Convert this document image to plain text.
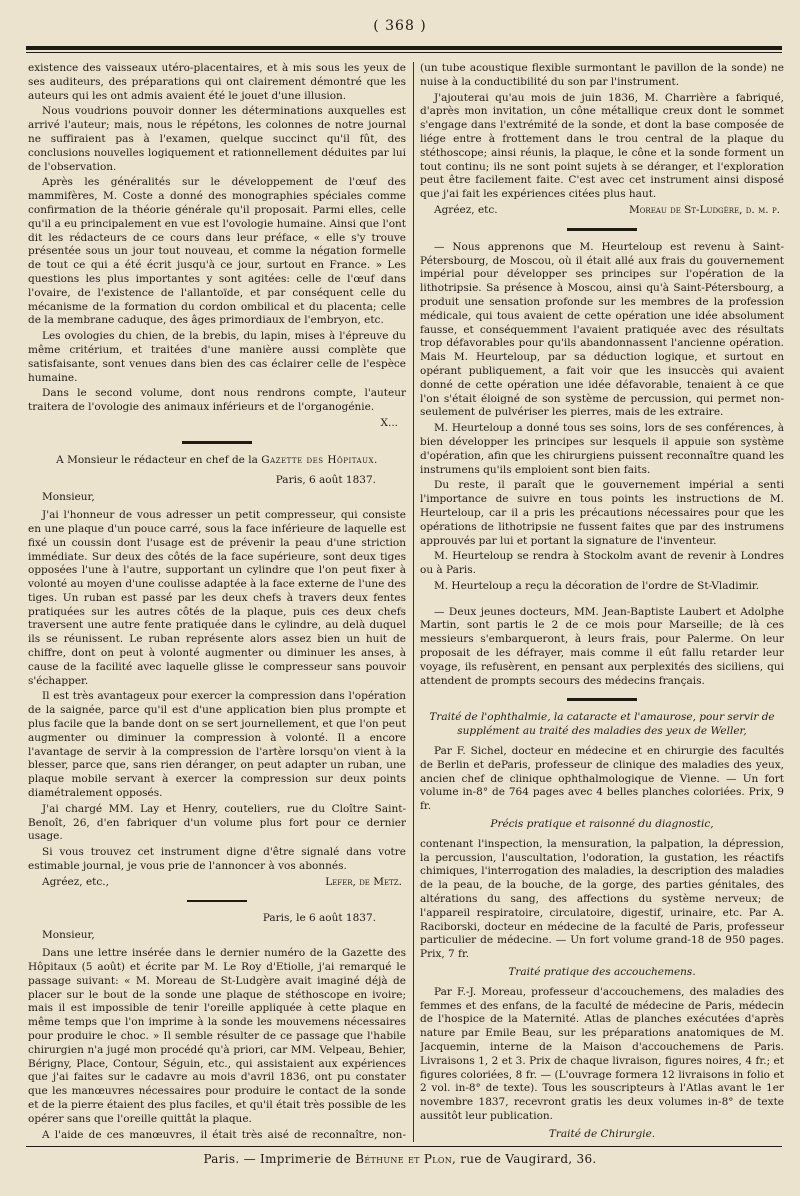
( 368 )

existence des vaisseaux utéro-placentaires, et à mis sous les yeux de ses auditeurs, des préparations qui ont clairement démontré que les auteurs qui les ont admis avaient été le jouet d'une illusion.

Nous voudrions pouvoir donner les déterminations auxquelles est arrivé l'auteur; mais, nous le répétons, les colonnes de notre journal ne suffiraient pas à l'examen, quelque succinct qu'il fût, des conclusions nouvelles logiquement et rationnellement déduites par lui de l'observation.

Après les généralités sur le développement de l'œuf des mammifères, M. Coste a donné des monographies spéciales comme confirmation de la théorie générale qu'il proposait. Parmi elles, celle qu'il a eu principalement en vue est l'ovologie humaine. Ainsi que l'ont dit les rédacteurs de ce cours dans leur préface, « elle s'y trouve présentée sous un jour tout nouveau, et comme la négation formelle de tout ce qui a été écrit jusqu'à ce jour, surtout en France. » Les questions les plus importantes y sont agitées: celle de l'œuf dans l'ovaire, de l'existence de l'allantoïde, et par conséquent celle du mécanisme de la formation du cordon ombilical et du placenta; celle de la membrane caduque, des âges primordiaux de l'embryon, etc.

Les ovologies du chien, de la brebis, du lapin, mises à l'épreuve du même critérium, et traitées d'une manière aussi complète que satisfaisante, sont venues dans bien des cas éclairer celle de l'espèce humaine.

Dans le second volume, dont nous rendrons compte, l'auteur traitera de l'ovologie des animaux inférieurs et de l'organogénie.

X...
A Monsieur le rédacteur en chef de la Gazette des Hôpitaux.
Paris, 6 août 1837.
Monsieur,

J'ai l'honneur de vous adresser un petit compresseur, qui consiste en une plaque d'un pouce carré, sous la face inférieure de laquelle est fixé un coussin dont l'usage est de prévenir la peau d'une striction immédiate. Sur deux des côtés de la face supérieure, sont deux tiges opposées l'une à l'autre, supportant un cylindre que l'on peut fixer à volonté au moyen d'une coulisse adaptée à la face externe de l'une des tiges. Un ruban est passé par les deux chefs à travers deux fentes pratiquées sur les autres côtés de la plaque, puis ces deux chefs traversent une autre fente pratiquée dans le cylindre, au delà duquel ils se réunissent. Le ruban représente alors assez bien un huit de chiffre, dont on peut à volonté augmenter ou diminuer les anses, à cause de la facilité avec laquelle glisse le compresseur sans pouvoir s'échapper.

Il est très avantageux pour exercer la compression dans l'opération de la saignée, parce qu'il est d'une application bien plus prompte et plus facile que la bande dont on se sert journellement, et que l'on peut augmenter ou diminuer la compression à volonté. Il a encore l'avantage de servir à la compression de l'artère lorsqu'on vient à la blesser, parce que, sans rien déranger, on peut adapter un ruban, une plaque mobile servant à exercer la compression sur deux points diamétralement opposés.

J'ai chargé MM. Lay et Henry, couteliers, rue du Cloître Saint-Benoît, 26, d'en fabriquer d'un volume plus fort pour ce dernier usage.

Si vous trouvez cet instrument digne d'être signalé dans votre estimable journal, je vous prie de l'annoncer à vos abonnés.

Agréez, etc.,	Lefer, de Metz.
Paris, le 6 août 1837.
Monsieur,

Dans une lettre insérée dans le dernier numéro de la Gazette des Hôpitaux (5 août) et écrite par M. Le Roy d'Etiolle, j'ai remarqué le passage suivant: « M. Moreau de St-Ludgère avait imaginé déjà de placer sur le bout de la sonde une plaque de stéthoscope en ivoire; mais il est impossible de tenir l'oreille appliquée à cette plaque en même temps que l'on imprime à la sonde les mouvemens nécessaires pour produire le choc. » Il semble résulter de ce passage que l'habile chirurgien n'a jugé mon procédé qu'à priori, car MM. Velpeau, Behier, Bérigny, Place, Contour, Séguin, etc., qui assistaient aux expériences que j'ai faites sur le cadavre au mois d'avril 1836, ont pu constater que les manœuvres nécessaires pour produire le contact de la sonde et de la pierre étaient des plus faciles, et qu'il était très possible de les opérer sans que l'oreille quittât la plaque.

A l'aide de ces manœuvres, il était très aisé de reconnaître, non-

(un tube acoustique flexible surmontant le pavillon de la sonde) ne nuise à la conductibilité du son par l'instrument.

J'ajouterai qu'au mois de juin 1836, M. Charrière a fabriqué, d'après mon invitation, un cône métallique creux dont le sommet s'engage dans l'extrémité de la sonde, et dont la base composée de liége entre à frottement dans le trou central de la plaque du stéthoscope; ainsi réunis, la plaque, le cône et la sonde forment un tout continu; ils ne sont point sujets à se déranger, et l'exploration peut être facilement faite. C'est avec cet instrument ainsi disposé que j'ai fait les expériences citées plus haut.

Agréez, etc.	Moreau de St-Ludgère, d. m. p.

— Nous apprenons que M. Heurteloup est revenu à Saint-Pétersbourg, de Moscou, où il était allé aux frais du gouvernement impérial pour développer ses principes sur l'opération de la lithotripsie. Sa présence à Moscou, ainsi qu'à Saint-Pétersbourg, a produit une sensation profonde sur les membres de la profession médicale, qui tous avaient de cette opération une idée absolument fausse, et conséquemment l'avaient pratiquée avec des résultats trop défavorables pour qu'ils abandonnassent l'ancienne opération. Mais M. Heurteloup, par sa déduction logique, et surtout en opérant publiquement, a fait voir que les insuccès qui avaient donné de cette opération une idée défavorable, tenaient à ce que l'on s'était éloigné de son système de percussion, qui permet non-seulement de pulvériser les pierres, mais de les extraire.

M. Heurteloup a donné tous ses soins, lors de ses conférences, à bien développer les principes sur lesquels il appuie son système d'opération, afin que les chirurgiens puissent reconnaître quand les instrumens qu'ils emploient sont bien faits.

Du reste, il paraît que le gouvernement impérial a senti l'importance de suivre en tous points les instructions de M. Heurteloup, car il a pris les précautions nécessaires pour que les opérations de lithotripsie ne fussent faites que par des instrumens approuvés par lui et portant la signature de l'inventeur.

M. Heurteloup se rendra à Stockolm avant de revenir à Londres ou à Paris.

M. Heurteloup a reçu la décoration de l'ordre de St-Vladimir.

— Deux jeunes docteurs, MM. Jean-Baptiste Laubert et Adolphe Martin, sont partis le 2 de ce mois pour Marseille; de là ces messieurs s'embarqueront, à leurs frais, pour Palerme. On leur proposait de les défrayer, mais comme il eût fallu retarder leur voyage, ils refusèrent, en pensant aux perplexités des siciliens, qui attendent de prompts secours des médecins français.

Traité de l'ophthalmie, la cataracte et l'amaurose, pour servir de supplément au traité des maladies des yeux de Weller,

Par F. Sichel, docteur en médecine et en chirurgie des facultés de Berlin et deParis, professeur de clinique des maladies des yeux, ancien chef de clinique ophthalmologique de Vienne. — Un fort volume in-8° de 764 pages avec 4 belles planches coloriées. Prix, 9 fr.

Précis pratique et raisonné du diagnostic,

contenant l'inspection, la mensuration, la palpation, la dépression, la percussion, l'auscultation, l'odoration, la gustation, les réactifs chimiques, l'interrogation des maladies, la description des maladies de la peau, de la bouche, de la gorge, des parties génitales, des altérations du sang, des affections du système nerveux; de l'appareil respiratoire, circulatoire, digestif, urinaire, etc. Par A. Raciborski, docteur en médecine de la faculté de Paris, professeur particulier de médecine. — Un fort volume grand-18 de 950 pages. Prix, 7 fr.

Traité pratique des accouchemens.

Par F.-J. Moreau, professeur d'accouchemens, des maladies des femmes et des enfans, de la faculté de médecine de Paris, médecin de l'hospice de la Maternité. Atlas de planches exécutées d'après nature par Emile Beau, sur les préparations anatomiques de M. Jacquemin, interne de la Maison d'accouchemens de Paris. Livraisons 1, 2 et 3. Prix de chaque livraison, figures noires, 4 fr.; et figures coloriées, 8 fr. — (L'ouvrage formera 12 livraisons in folio et 2 vol. in-8° de texte). Tous les souscripteurs à l'Atlas avant le 1er novembre 1837, recevront gratis les deux volumes in-8° de texte aussitôt leur publication.

Traité de Chirurgie.

Paris. — Imprimerie de Béthune et Plon, rue de Vaugirard, 36.
